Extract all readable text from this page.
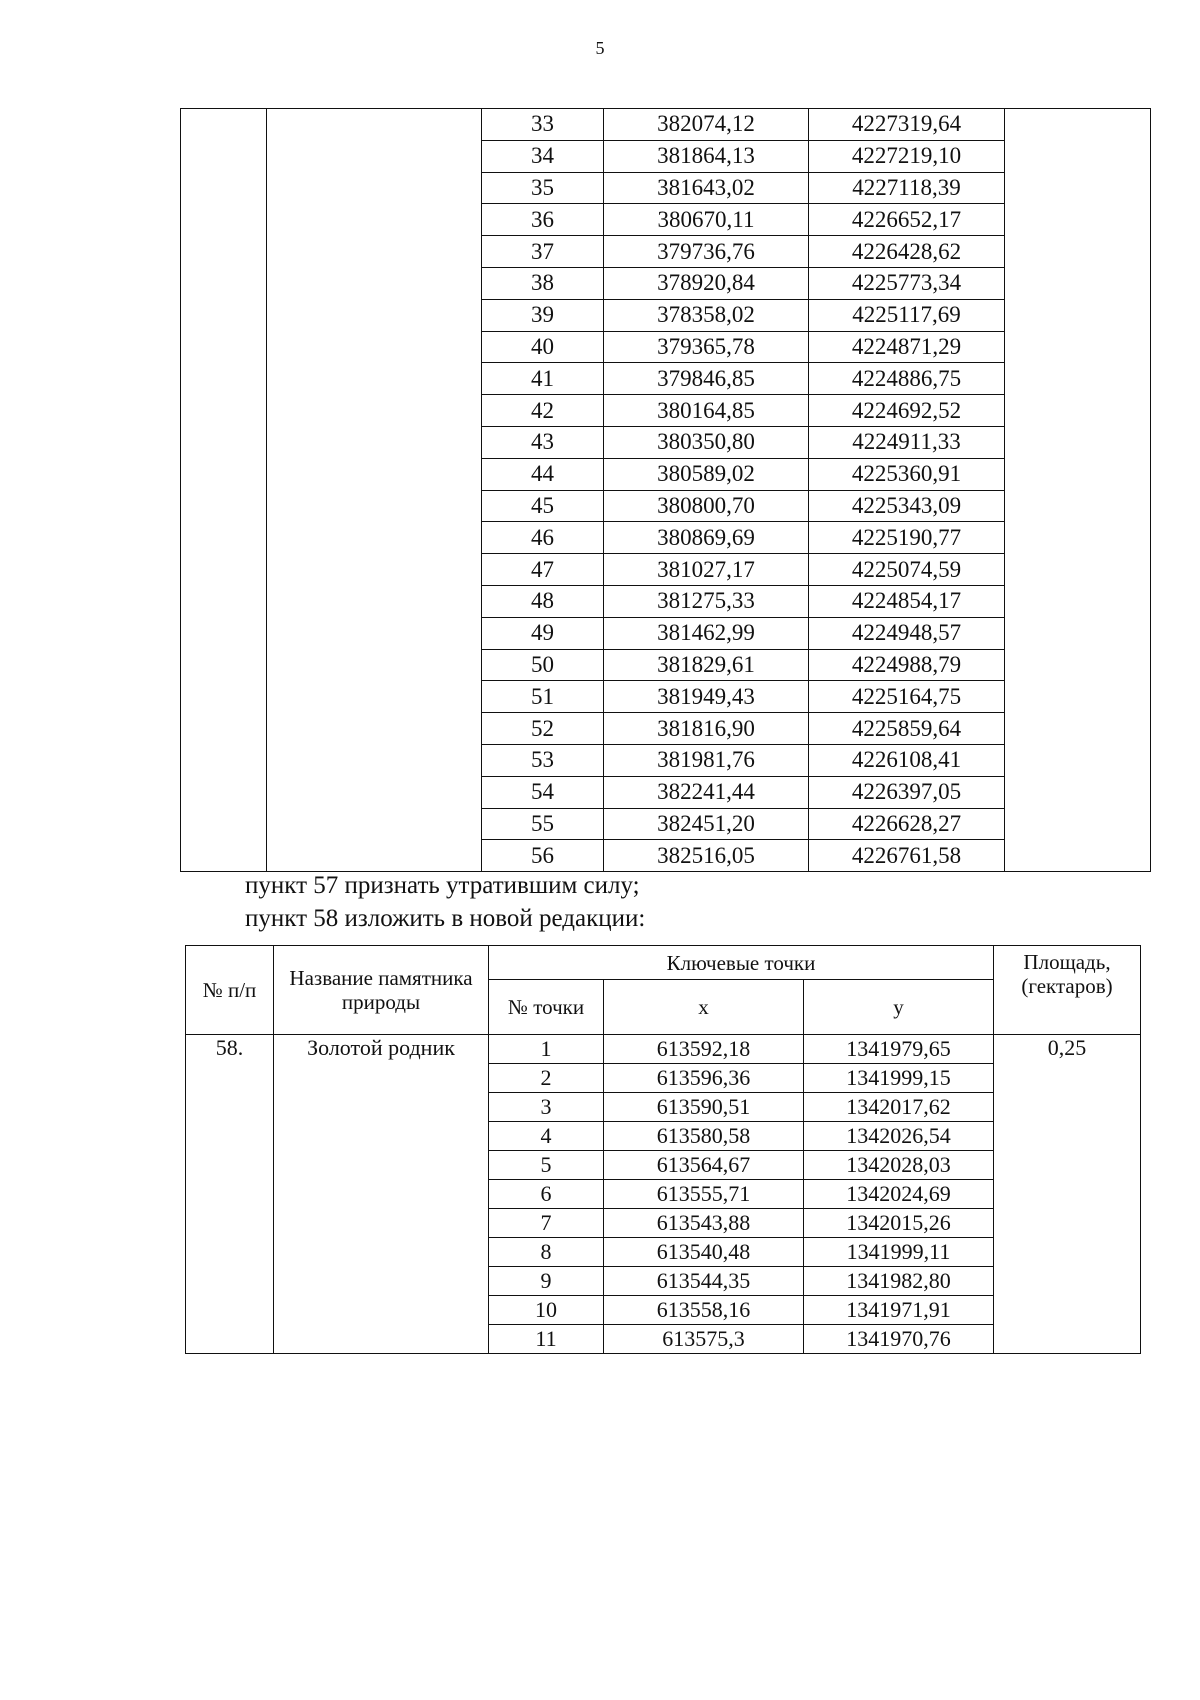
5
		33	382074,12	4227319,64	
		34	381864,13	4227219,10	
		35	381643,02	4227118,39	
		36	380670,11	4226652,17	
		37	379736,76	4226428,62	
		38	378920,84	4225773,34	
		39	378358,02	4225117,69	
		40	379365,78	4224871,29	
		41	379846,85	4224886,75	
		42	380164,85	4224692,52	
		43	380350,80	4224911,33	
		44	380589,02	4225360,91	
		45	380800,70	4225343,09	
		46	380869,69	4225190,77	
		47	381027,17	4225074,59	
		48	381275,33	4224854,17	
		49	381462,99	4224948,57	
		50	381829,61	4224988,79	
		51	381949,43	4225164,75	
		52	381816,90	4225859,64	
		53	381981,76	4226108,41	
		54	382241,44	4226397,05	
		55	382451,20	4226628,27	
		56	382516,05	4226761,58	
пункт 57 признать утратившим силу;
пункт 58 изложить в новой редакции:
№ п/п	Название памятника природы	Ключевые точки			Площадь, (гектаров)
		№ точки	x	y	
58.	Золотой родник	1	613592,18	1341979,65	0,25
		2	613596,36	1341999,15	
		3	613590,51	1342017,62	
		4	613580,58	1342026,54	
		5	613564,67	1342028,03	
		6	613555,71	1342024,69	
		7	613543,88	1342015,26	
		8	613540,48	1341999,11	
		9	613544,35	1341982,80	
		10	613558,16	1341971,91	
		11	613575,3	1341970,76	
